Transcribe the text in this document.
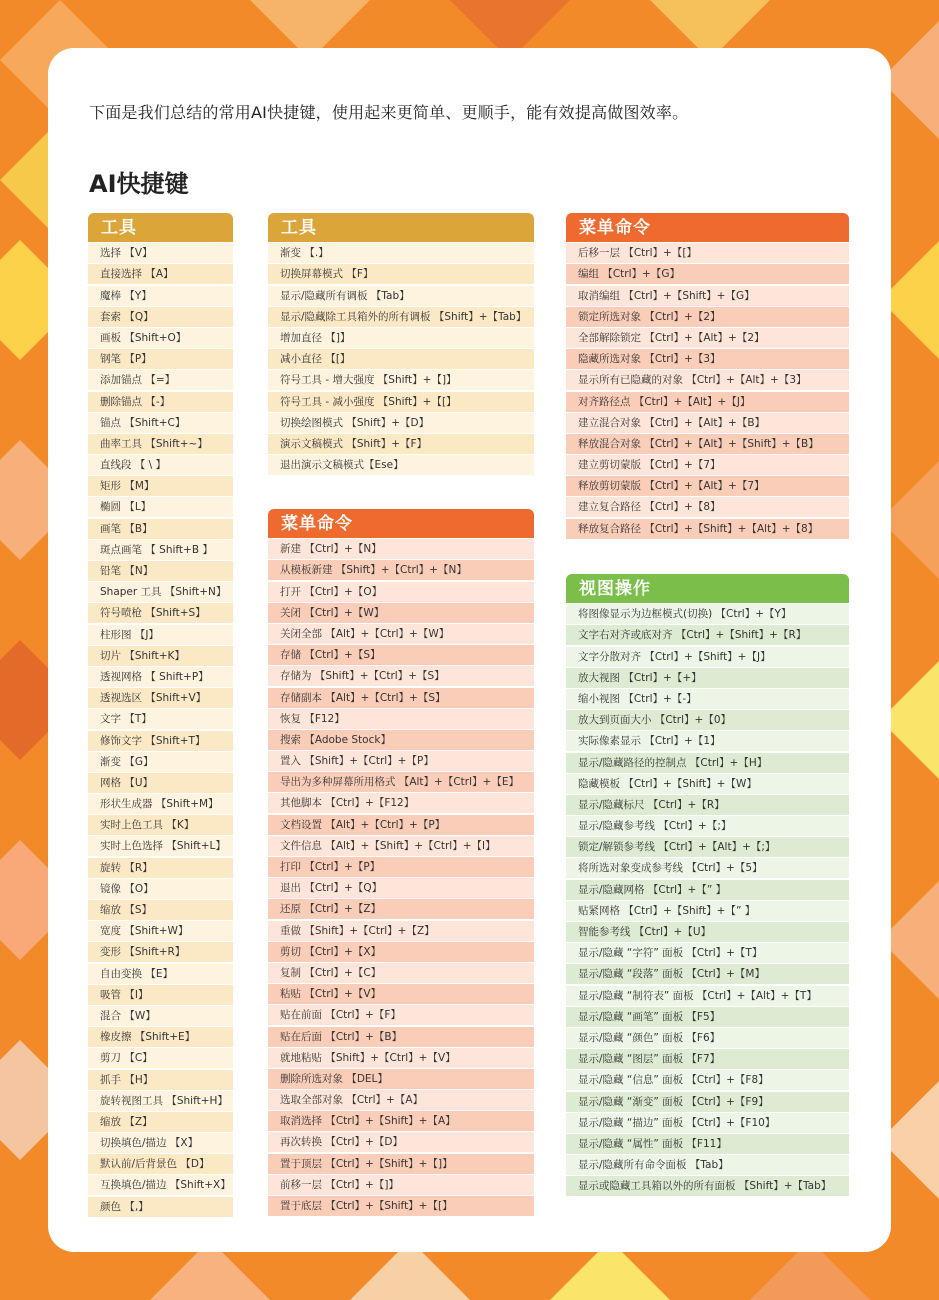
下面是我们总结的常用AI快捷键，使用起来更简单、更顺手，能有效提高做图效率。
AI快捷键
工具
选择 【V】
直接选择 【A】
魔棒 【Y】
套索 【Q】
画板 【Shift+O】
钢笔 【P】
添加锚点 【=】
删除锚点 【-】
锚点 【Shift+C】
曲率工具 【Shift+~】
直线段 【 \ 】
矩形 【M】
椭圆 【L】
画笔 【B】
斑点画笔 【 Shift+B 】
铅笔 【N】
Shaper 工具 【Shift+N】
符号喷枪 【Shift+S】
柱形图 【J】
切片 【Shift+K】
透视网格 【 Shift+P】
透视选区 【Shift+V】
文字 【T】
修饰文字 【Shift+T】
渐变 【G】
网格 【U】
形状生成器 【Shift+M】
实时上色工具 【K】
实时上色选择 【Shift+L】
旋转 【R】
镜像 【O】
缩放 【S】
宽度 【Shift+W】
变形 【Shift+R】
自由变换 【E】
吸管 【I】
混合 【W】
橡皮擦 【Shift+E】
剪刀 【C】
抓手 【H】
旋转视图工具 【Shift+H】
缩放 【Z】
切换填色/描边 【X】
默认前/后背景色 【D】
互换填色/描边 【Shift+X】
颜色 【,】
工具
渐变 【.】
切换屏幕模式 【F】
显示/隐藏所有调板 【Tab】
显示/隐藏除工具箱外的所有调板 【Shift】+【Tab】
增加直径 【]】
减小直径 【[】
符号工具 - 增大强度 【Shift】+【]】
符号工具 - 减小强度 【Shift】+【[】
切换绘图模式 【Shift】+【D】
演示文稿模式 【Shift】+【F】
退出演示文稿模式【Ese】
菜单命令
新建 【Ctrl】+【N】
从模板新建 【Shift】+【Ctrl】+【N】
打开 【Ctrl】+【O】
关闭 【Ctrl】+【W】
关闭全部 【Alt】+【Ctrl】+【W】
存储 【Ctrl】+【S】
存储为 【Shift】+【Ctrl】+【S】
存储副本 【Alt】+【Ctrl】+【S】
恢复 【F12】
搜索 【Adobe Stock】
置入 【Shift】+【Ctrl】+【P】
导出为多种屏幕所用格式 【Alt】+【Ctrl】+【E】
其他脚本 【Ctrl】+【F12】
文档设置 【Alt】+【Ctrl】+【P】
文件信息 【Alt】+【Shift】+【Ctrl】+【I】
打印 【Ctrl】+【P】
退出 【Ctrl】+【Q】
还原 【Ctrl】+【Z】
重做 【Shift】+【Ctrl】+【Z】
剪切 【Ctrl】+【X】
复制 【Ctrl】+【C】
粘贴 【Ctrl】+【V】
贴在前面 【Ctrl】+【F】
贴在后面 【Ctrl】+【B】
就地粘贴 【Shift】+【Ctrl】+【V】
删除所选对象 【DEL】
选取全部对象 【Ctrl】+【A】
取消选择 【Ctrl】+【Shift】+【A】
再次转换 【Ctrl】+【D】
置于顶层 【Ctrl】+【Shift】+【]】
前移一层 【Ctrl】+【]】
置于底层 【Ctrl】+【Shift】+【[】
菜单命令
后移一层 【Ctrl】+【[】
编组 【Ctrl】+【G】
取消编组 【Ctrl】+【Shift】+【G】
锁定所选对象 【Ctrl】+【2】
全部解除锁定 【Ctrl】+【Alt】+【2】
隐藏所选对象 【Ctrl】+【3】
显示所有已隐藏的对象 【Ctrl】+【Alt】+【3】
对齐路径点 【Ctrl】+【Alt】+【J】
建立混合对象 【Ctrl】+【Alt】+【B】
释放混合对象 【Ctrl】+【Alt】+【Shift】+【B】
建立剪切蒙版 【Ctrl】+【7】
释放剪切蒙版 【Ctrl】+【Alt】+【7】
建立复合路径 【Ctrl】+【8】
释放复合路径 【Ctrl】+【Shift】+【Alt】+【8】
视图操作
将图像显示为边框模式(切换) 【Ctrl】+【Y】
文字右对齐或底对齐 【Ctrl】+【Shift】+【R】
文字分散对齐 【Ctrl】+【Shift】+【J】
放大视图 【Ctrl】+【+】
缩小视图 【Ctrl】+【-】
放大到页面大小 【Ctrl】+【0】
实际像素显示 【Ctrl】+【1】
显示/隐藏路径的控制点 【Ctrl】+【H】
隐藏模板 【Ctrl】+【Shift】+【W】
显示/隐藏标尺 【Ctrl】+【R】
显示/隐藏参考线 【Ctrl】+【;】
锁定/解锁参考线 【Ctrl】+【Alt】+【;】
将所选对象变成参考线 【Ctrl】+【5】
显示/隐藏网格 【Ctrl】+【” 】
贴紧网格 【Ctrl】+【Shift】+【” 】
智能参考线 【Ctrl】+【U】
显示/隐藏 “字符” 面板 【Ctrl】+【T】
显示/隐藏 “段落” 面板 【Ctrl】+【M】
显示/隐藏 “制符表” 面板 【Ctrl】+【Alt】+【T】
显示/隐藏 “画笔” 面板 【F5】
显示/隐藏 “颜色” 面板 【F6】
显示/隐藏 “图层” 面板 【F7】
显示/隐藏 “信息” 面板 【Ctrl】+【F8】
显示/隐藏 “渐变” 面板 【Ctrl】+【F9】
显示/隐藏 “描边” 面板 【Ctrl】+【F10】
显示/隐藏 “属性” 面板 【F11】
显示/隐藏所有命令面板 【Tab】
显示或隐藏工具箱以外的所有面板 【Shift】+【Tab】
